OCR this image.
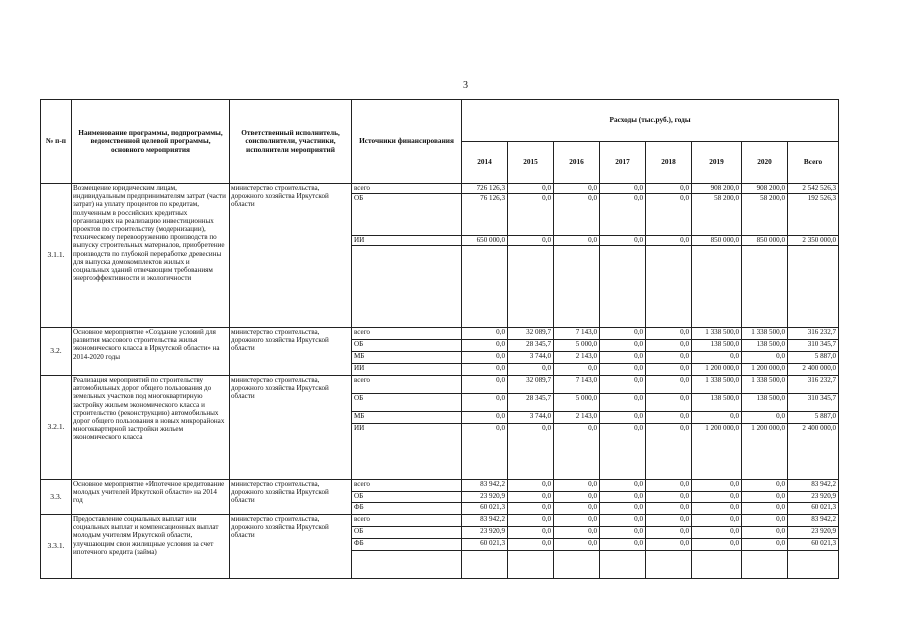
3
№ п-п	Наименование программы, подпрограммы, ведомственной целевой программы, основного мероприятия	Ответственный исполнитель, соисполнители, участники, исполнители мероприятий	Источники финансирования	Расходы (тыс.руб.), годы							
				2014	2015	2016	2017	2018	2019	2020	Всего
3.1.1.	Возмещение юридическим лицам, индивидуальным предпринимателям затрат (части затрат) на уплату процентов по кредитам, полученным в российских кредитных организациях на реализацию инвестиционных проектов по строительству (модернизации), техническому перевооружению производств по выпуску строительных материалов, приобретение производств по глубокой переработке древесины для выпуска домокомплектов жилых и социальных зданий отвечающим требованиям энергоэффективности и экологичности	министерство строительства, дорожного хозяйства Иркутской области	всего	726 126,3	0,0	0,0	0,0	0,0	908 200,0	908 200,0	2 542 526,3
			ОБ	76 126,3	0,0	0,0	0,0	0,0	58 200,0	58 200,0	192 526,3
			ИИ	650 000,0	0,0	0,0	0,0	0,0	850 000,0	850 000,0	2 350 000,0

3.2.	Основное мероприятие «Создание условий для развития массового строительства жилья экономического класса в Иркутской области» на 2014-2020 годы	министерство строительства, дорожного хозяйства Иркутской области	всего	0,0	32 089,7	7 143,0	0,0	0,0	1 338 500,0	1 338 500,0	316 232,7
			ОБ	0,0	28 345,7	5 000,0	0,0	0,0	138 500,0	138 500,0	310 345,7
			МБ	0,0	3 744,0	2 143,0	0,0	0,0	0,0	0,0	5 887,0
			ИИ	0,0	0,0	0,0	0,0	0,0	1 200 000,0	1 200 000,0	2 400 000,0
3.2.1.	Реализация мероприятий по строительству автомобильных дорог общего пользования до земельных участков под многоквартирную застройку жильем экономического класса и строительство (реконструкцию) автомобильных дорог общего пользования в новых микрорайонах многоквартирной застройки жильем экономического класса	министерство строительства, дорожного хозяйства Иркутской области	всего	0,0	32 089,7	7 143,0	0,0	0,0	1 338 500,0	1 338 500,0	316 232,7
			ОБ	0,0	28 345,7	5 000,0	0,0	0,0	138 500,0	138 500,0	310 345,7
			МБ	0,0	3 744,0	2 143,0	0,0	0,0	0,0	0,0	5 887,0
			ИИ	0,0	0,0	0,0	0,0	0,0	1 200 000,0	1 200 000,0	2 400 000,0
3.3.	Основное мероприятие «Ипотечное кредитование молодых учителей Иркутской области» на 2014 год	министерство строительства, дорожного хозяйства Иркутской области	всего	83 942,2	0,0	0,0	0,0	0,0	0,0	0,0	83 942,2
			ОБ	23 920,9	0,0	0,0	0,0	0,0	0,0	0,0	23 920,9
			ФБ	60 021,3	0,0	0,0	0,0	0,0	0,0	0,0	60 021,3
3.3.1.	Предоставление социальных выплат или социальных выплат и компенсационных выплат молодым учителям Иркутской области, улучшающим свои жилищные условия за счет ипотечного кредита (займа)	министерство строительства, дорожного хозяйства Иркутской области	всего	83 942,2	0,0	0,0	0,0	0,0	0,0	0,0	83 942,2
			ОБ	23 920,9	0,0	0,0	0,0	0,0	0,0	0,0	23 920,9
			ФБ	60 021,3	0,0	0,0	0,0	0,0	0,0	0,0	60 021,3
